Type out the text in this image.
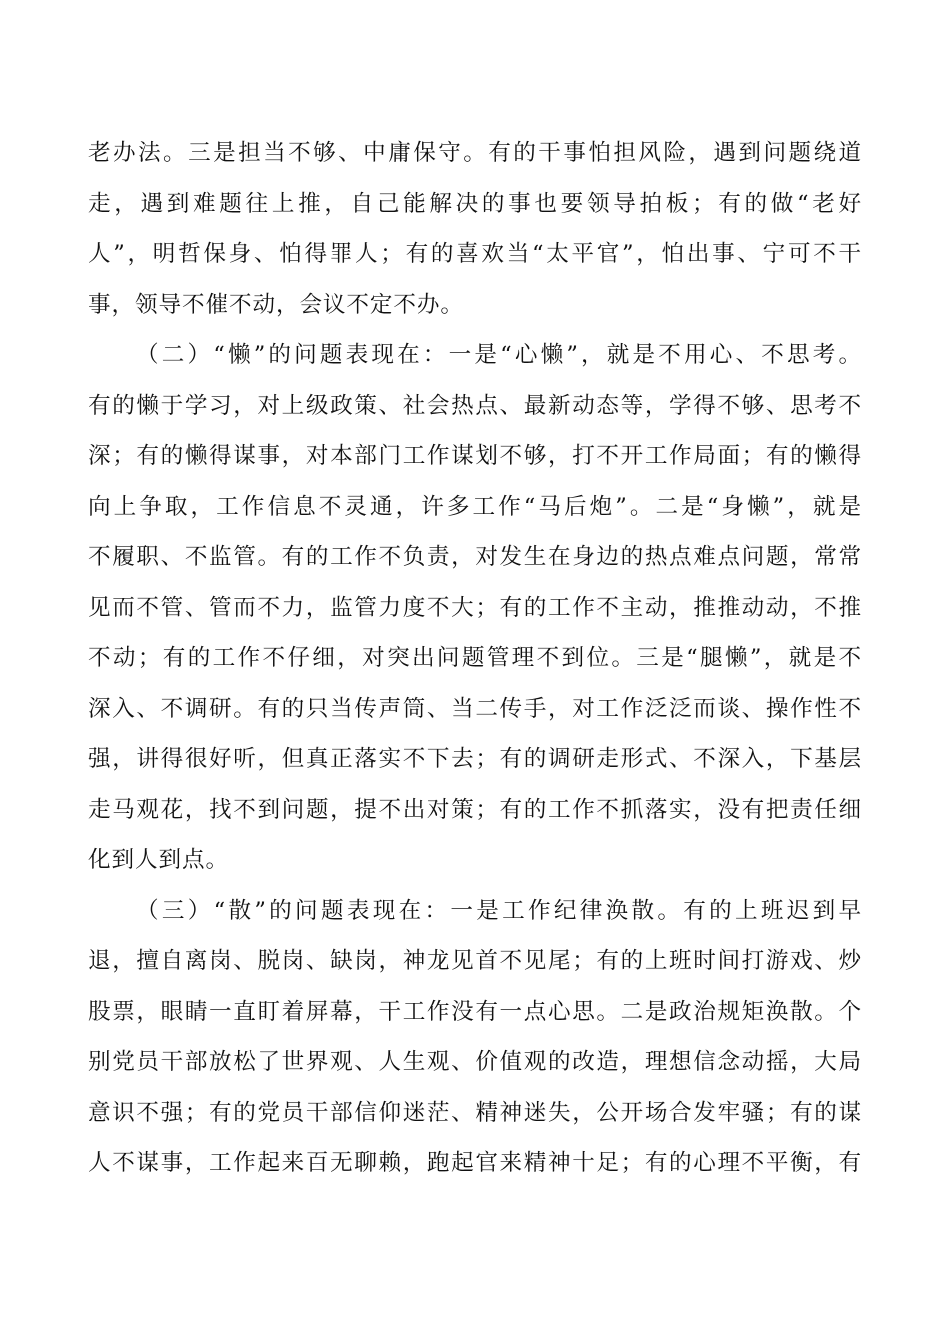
老办法。三是担当不够、中庸保守。有的干事怕担风险，遇到问题绕道
走，遇到难题往上推，自己能解决的事也要领导拍板；有的做“老好
人”，明哲保身、怕得罪人；有的喜欢当“太平官”，怕出事、宁可不干
事，领导不催不动，会议不定不办。
（二）“懒”的问题表现在：一是“心懒”，就是不用心、不思考。
有的懒于学习，对上级政策、社会热点、最新动态等，学得不够、思考不
深；有的懒得谋事，对本部门工作谋划不够，打不开工作局面；有的懒得
向上争取，工作信息不灵通，许多工作“马后炮”。二是“身懒”，就是
不履职、不监管。有的工作不负责，对发生在身边的热点难点问题，常常
见而不管、管而不力，监管力度不大；有的工作不主动，推推动动，不推
不动；有的工作不仔细，对突出问题管理不到位。三是“腿懒”，就是不
深入、不调研。有的只当传声筒、当二传手，对工作泛泛而谈、操作性不
强，讲得很好听，但真正落实不下去；有的调研走形式、不深入，下基层
走马观花，找不到问题，提不出对策；有的工作不抓落实，没有把责任细
化到人到点。
（三）“散”的问题表现在：一是工作纪律涣散。有的上班迟到早
退，擅自离岗、脱岗、缺岗，神龙见首不见尾；有的上班时间打游戏、炒
股票，眼睛一直盯着屏幕，干工作没有一点心思。二是政治规矩涣散。个
别党员干部放松了世界观、人生观、价值观的改造，理想信念动摇，大局
意识不强；有的党员干部信仰迷茫、精神迷失，公开场合发牢骚；有的谋
人不谋事，工作起来百无聊赖，跑起官来精神十足；有的心理不平衡，有
